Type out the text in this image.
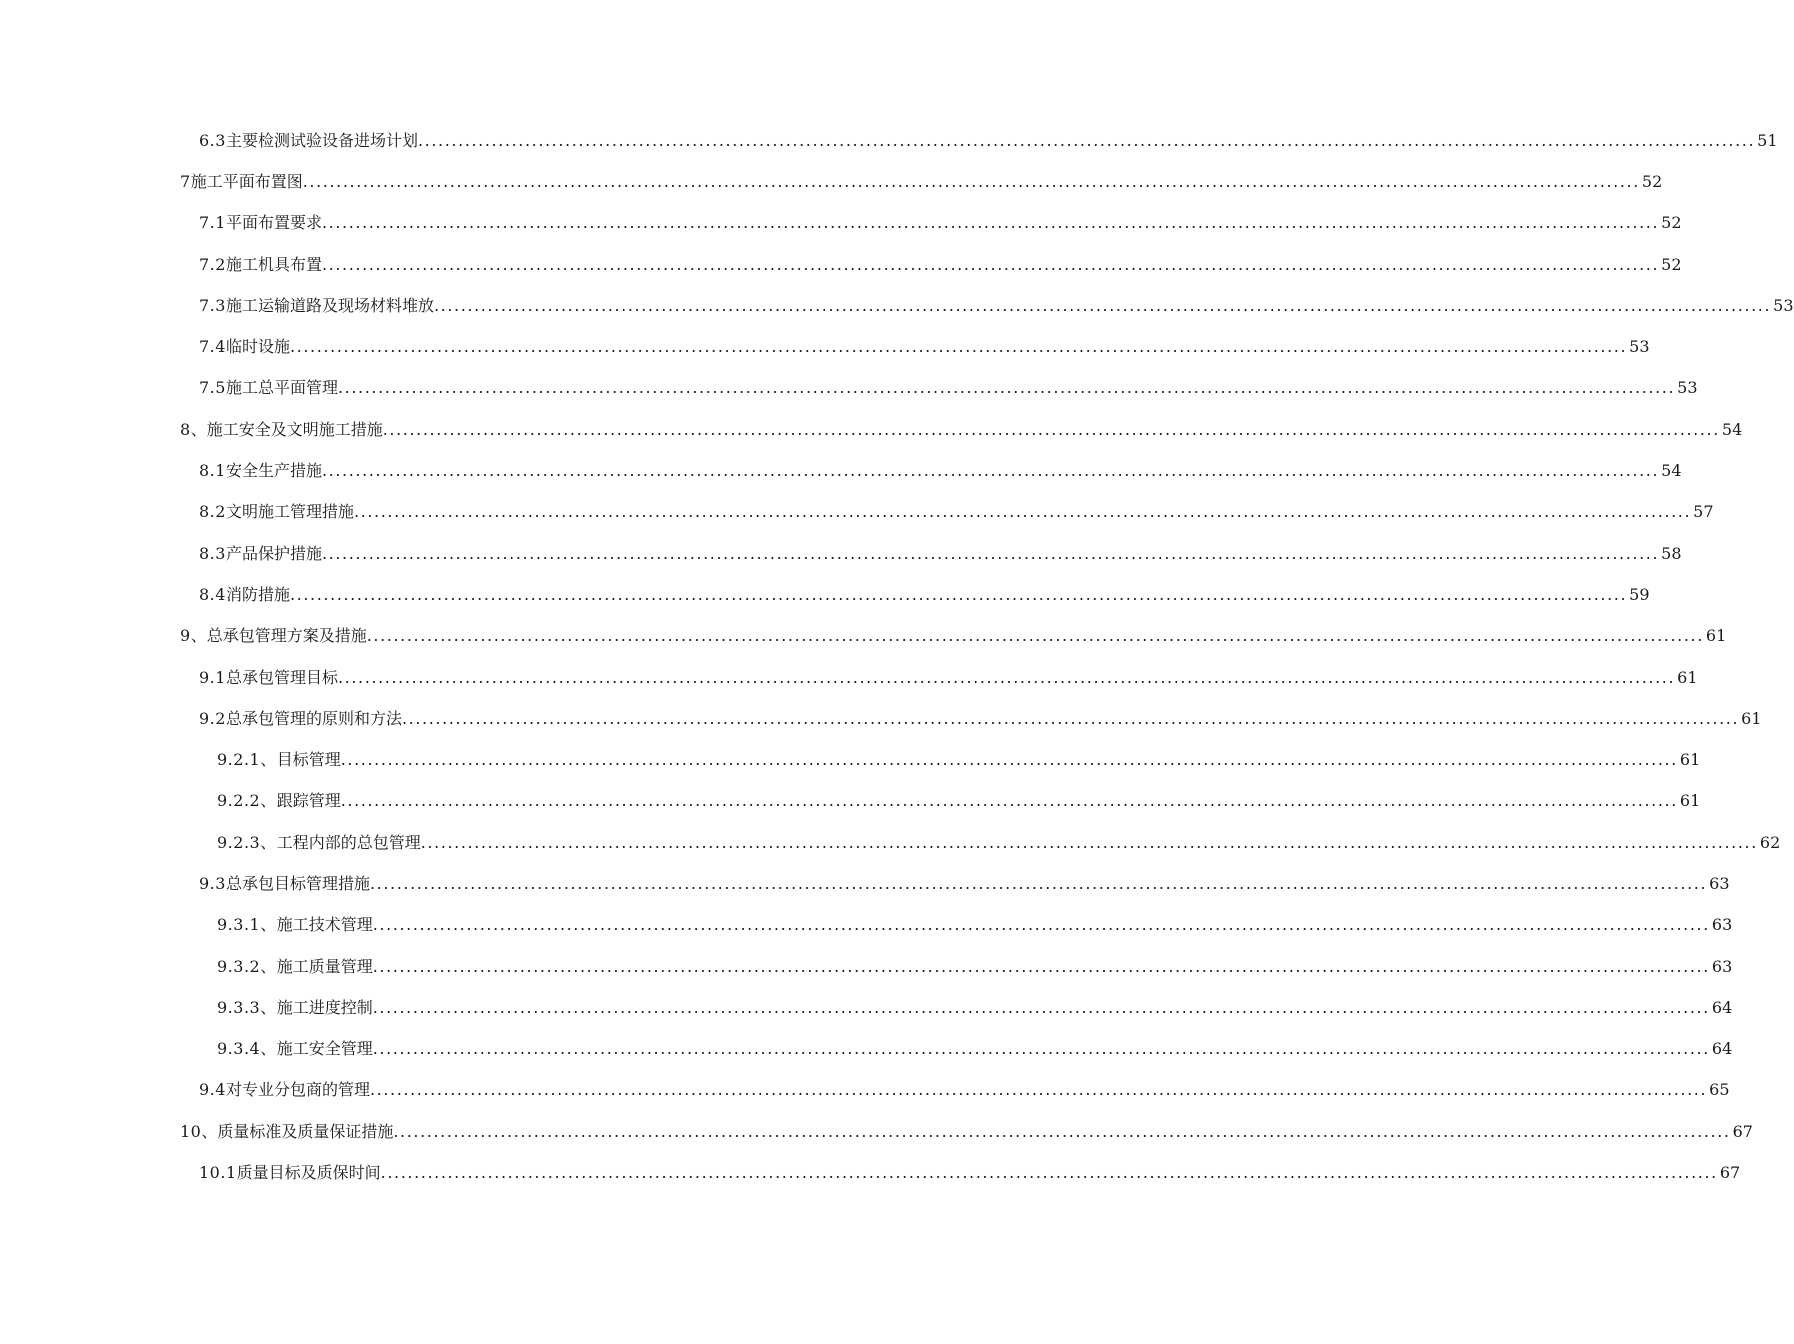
6.3 主要检测试验设备进场计划 ........................................................................................................................................................................................................ 51
7 施工平面布置图 ........................................................................................................................................................................................................ 52
7.1 平面布置要求 ........................................................................................................................................................................................................ 52
7.2 施工机具布置 ........................................................................................................................................................................................................ 52
7.3 施工运输道路及现场材料堆放 ........................................................................................................................................................................................................ 53
7.4 临时设施 ........................................................................................................................................................................................................ 53
7.5 施工总平面管理 ........................................................................................................................................................................................................ 53
8 、施工安全及文明施工措施 ........................................................................................................................................................................................................ 54
8.1 安全生产措施 ........................................................................................................................................................................................................ 54
8.2 文明施工管理措施 ........................................................................................................................................................................................................ 57
8.3 产品保护措施 ........................................................................................................................................................................................................ 58
8.4 消防措施 ........................................................................................................................................................................................................ 59
9 、总承包管理方案及措施 ........................................................................................................................................................................................................ 61
9.1 总承包管理目标 ........................................................................................................................................................................................................ 61
9.2 总承包管理的原则和方法 ........................................................................................................................................................................................................ 61
9.2.1、 目标管理 ........................................................................................................................................................................................................ 61
9.2.2、 跟踪管理 ........................................................................................................................................................................................................ 61
9.2.3、 工程内部的总包管理 ........................................................................................................................................................................................................ 62
9.3 总承包目标管理措施 ........................................................................................................................................................................................................ 63
9.3.1、 施工技术管理 ........................................................................................................................................................................................................ 63
9.3.2、 施工质量管理 ........................................................................................................................................................................................................ 63
9.3.3、 施工进度控制 ........................................................................................................................................................................................................ 64
9.3.4、 施工安全管理 ........................................................................................................................................................................................................ 64
9.4 对专业分包商的管理 ........................................................................................................................................................................................................ 65
10 、质量标准及质量保证措施 ........................................................................................................................................................................................................ 67
10.1 质量目标及质保时间 ........................................................................................................................................................................................................ 67
